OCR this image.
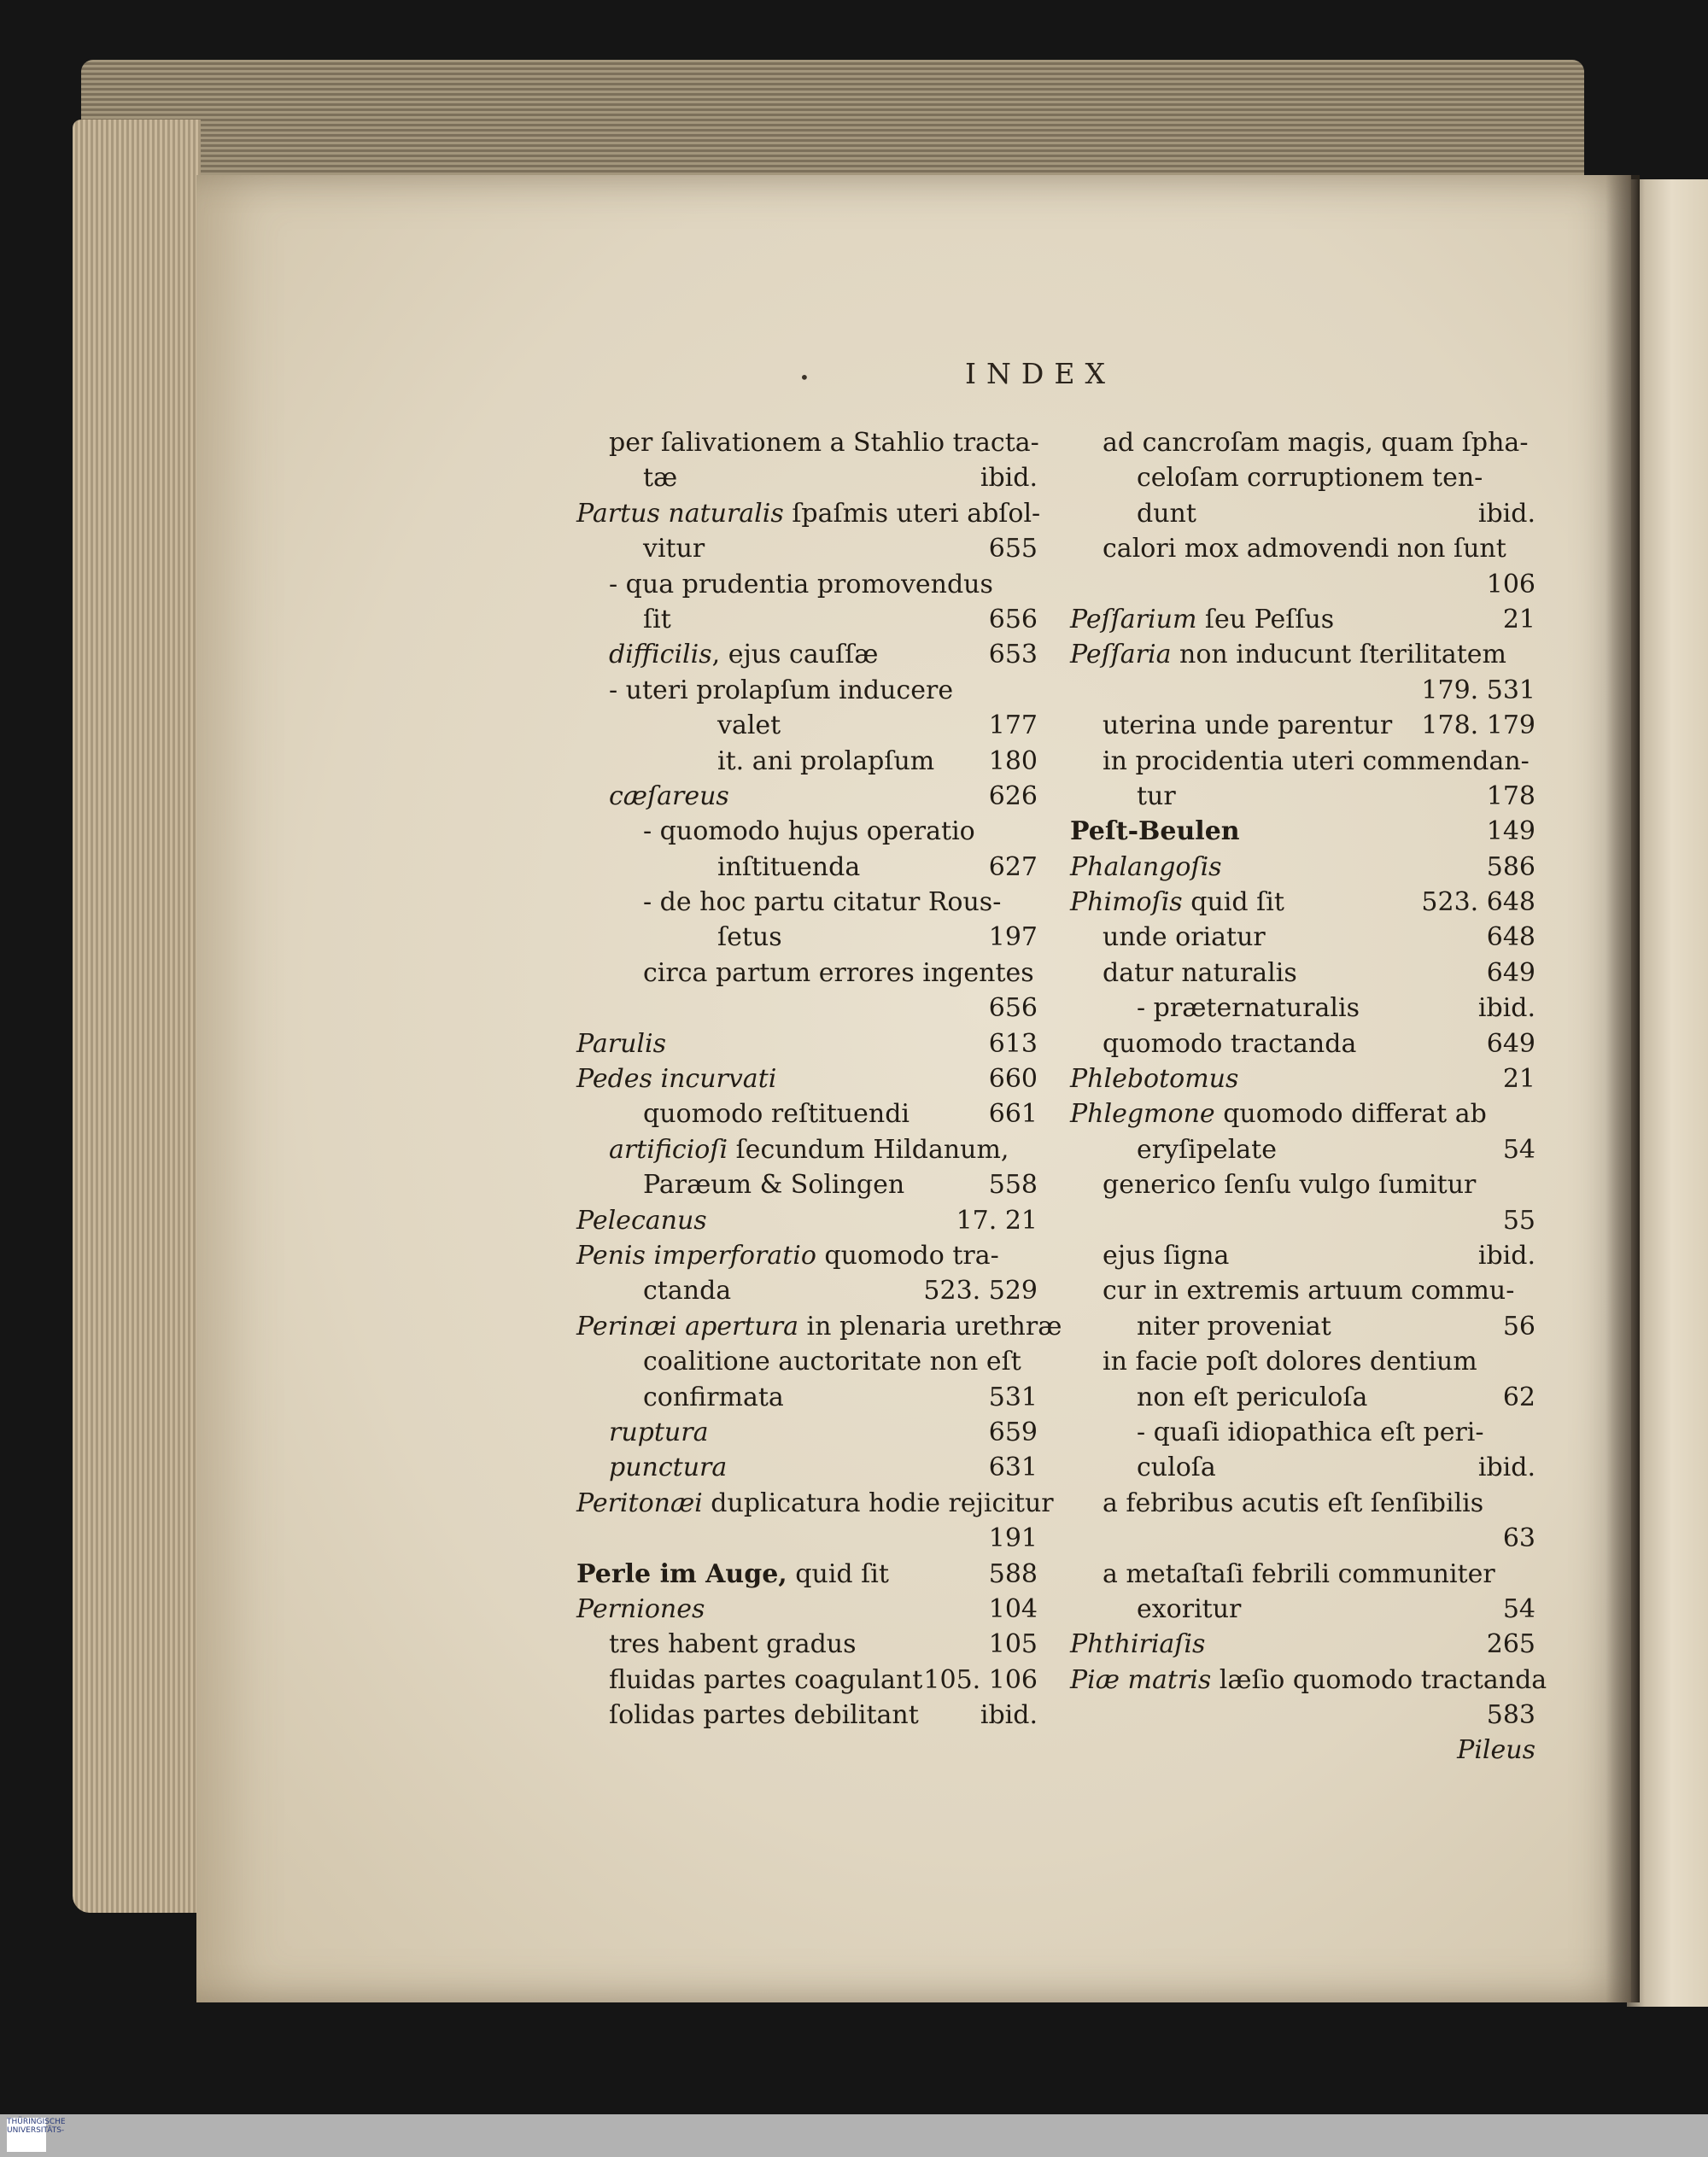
•	INDEX
per ſalivationem a Stahlio tracta-
tæ	ibid.
Partus naturalis ſpaſmis uteri abſol-
vitur	655
- qua prudentia promovendus
ſit	656
difficilis, ejus cauſſæ	653
- uteri prolapſum inducere
valet	177
it. ani prolapſum 180
cæſareus	626
- quomodo hujus operatio
inſtituenda	627
- de hoc partu citatur Rous-
ſetus	197
circa partum errores ingentes
656
Parulis	613
Pedes incurvati	660
quomodo reſtituendi	661
artificioſi ſecundum Hildanum,
Paræum & Solingen	558
Pelecanus	17. 21
Penis imperforatio quomodo tra-
ctanda	523. 529
Perinæi apertura in plenaria urethræ
coalitione auctoritate non eſt
confirmata	531
ruptura	659
punctura	631
Peritonæi duplicatura hodie rejicitur
191
Perle im Auge, quid ſit	588
Perniones	104
tres habent gradus	105
fluidas partes coagulant 105. 106
ſolidas partes debilitant ibid.
ad cancroſam magis, quam ſpha-
celoſam corruptionem ten-
dunt	ibid.
calori mox admovendi non ſunt
106
Peſſarium ſeu Peſſus	21
Peſſaria non inducunt ſterilitatem
179. 531
uterina unde parentur 178. 179
in procidentia uteri commendan-
tur	178
Peſt-Beulen	149
Phalangoſis	586
Phimoſis quid ſit	523. 648
unde oriatur	648
datur naturalis	649
- præternaturalis	ibid.
quomodo tractanda	649
Phlebotomus	21
Phlegmone quomodo differat ab
eryſipelate	54
generico ſenſu vulgo ſumitur
55
ejus ſigna	ibid.
cur in extremis artuum commu-
niter proveniat	56
in facie poſt dolores dentium
non eſt periculoſa	62
- quaſi idiopathica eſt peri-
culoſa	ibid.
a febribus acutis eſt ſenſibilis
63
a metaſtaſi febrili communiter
exoritur	54
Phthiriaſis	265
Piæ matris læſio quomodo tractanda
583
Pileus
THÜRINGISCHE UNIVERSITÄTS-
